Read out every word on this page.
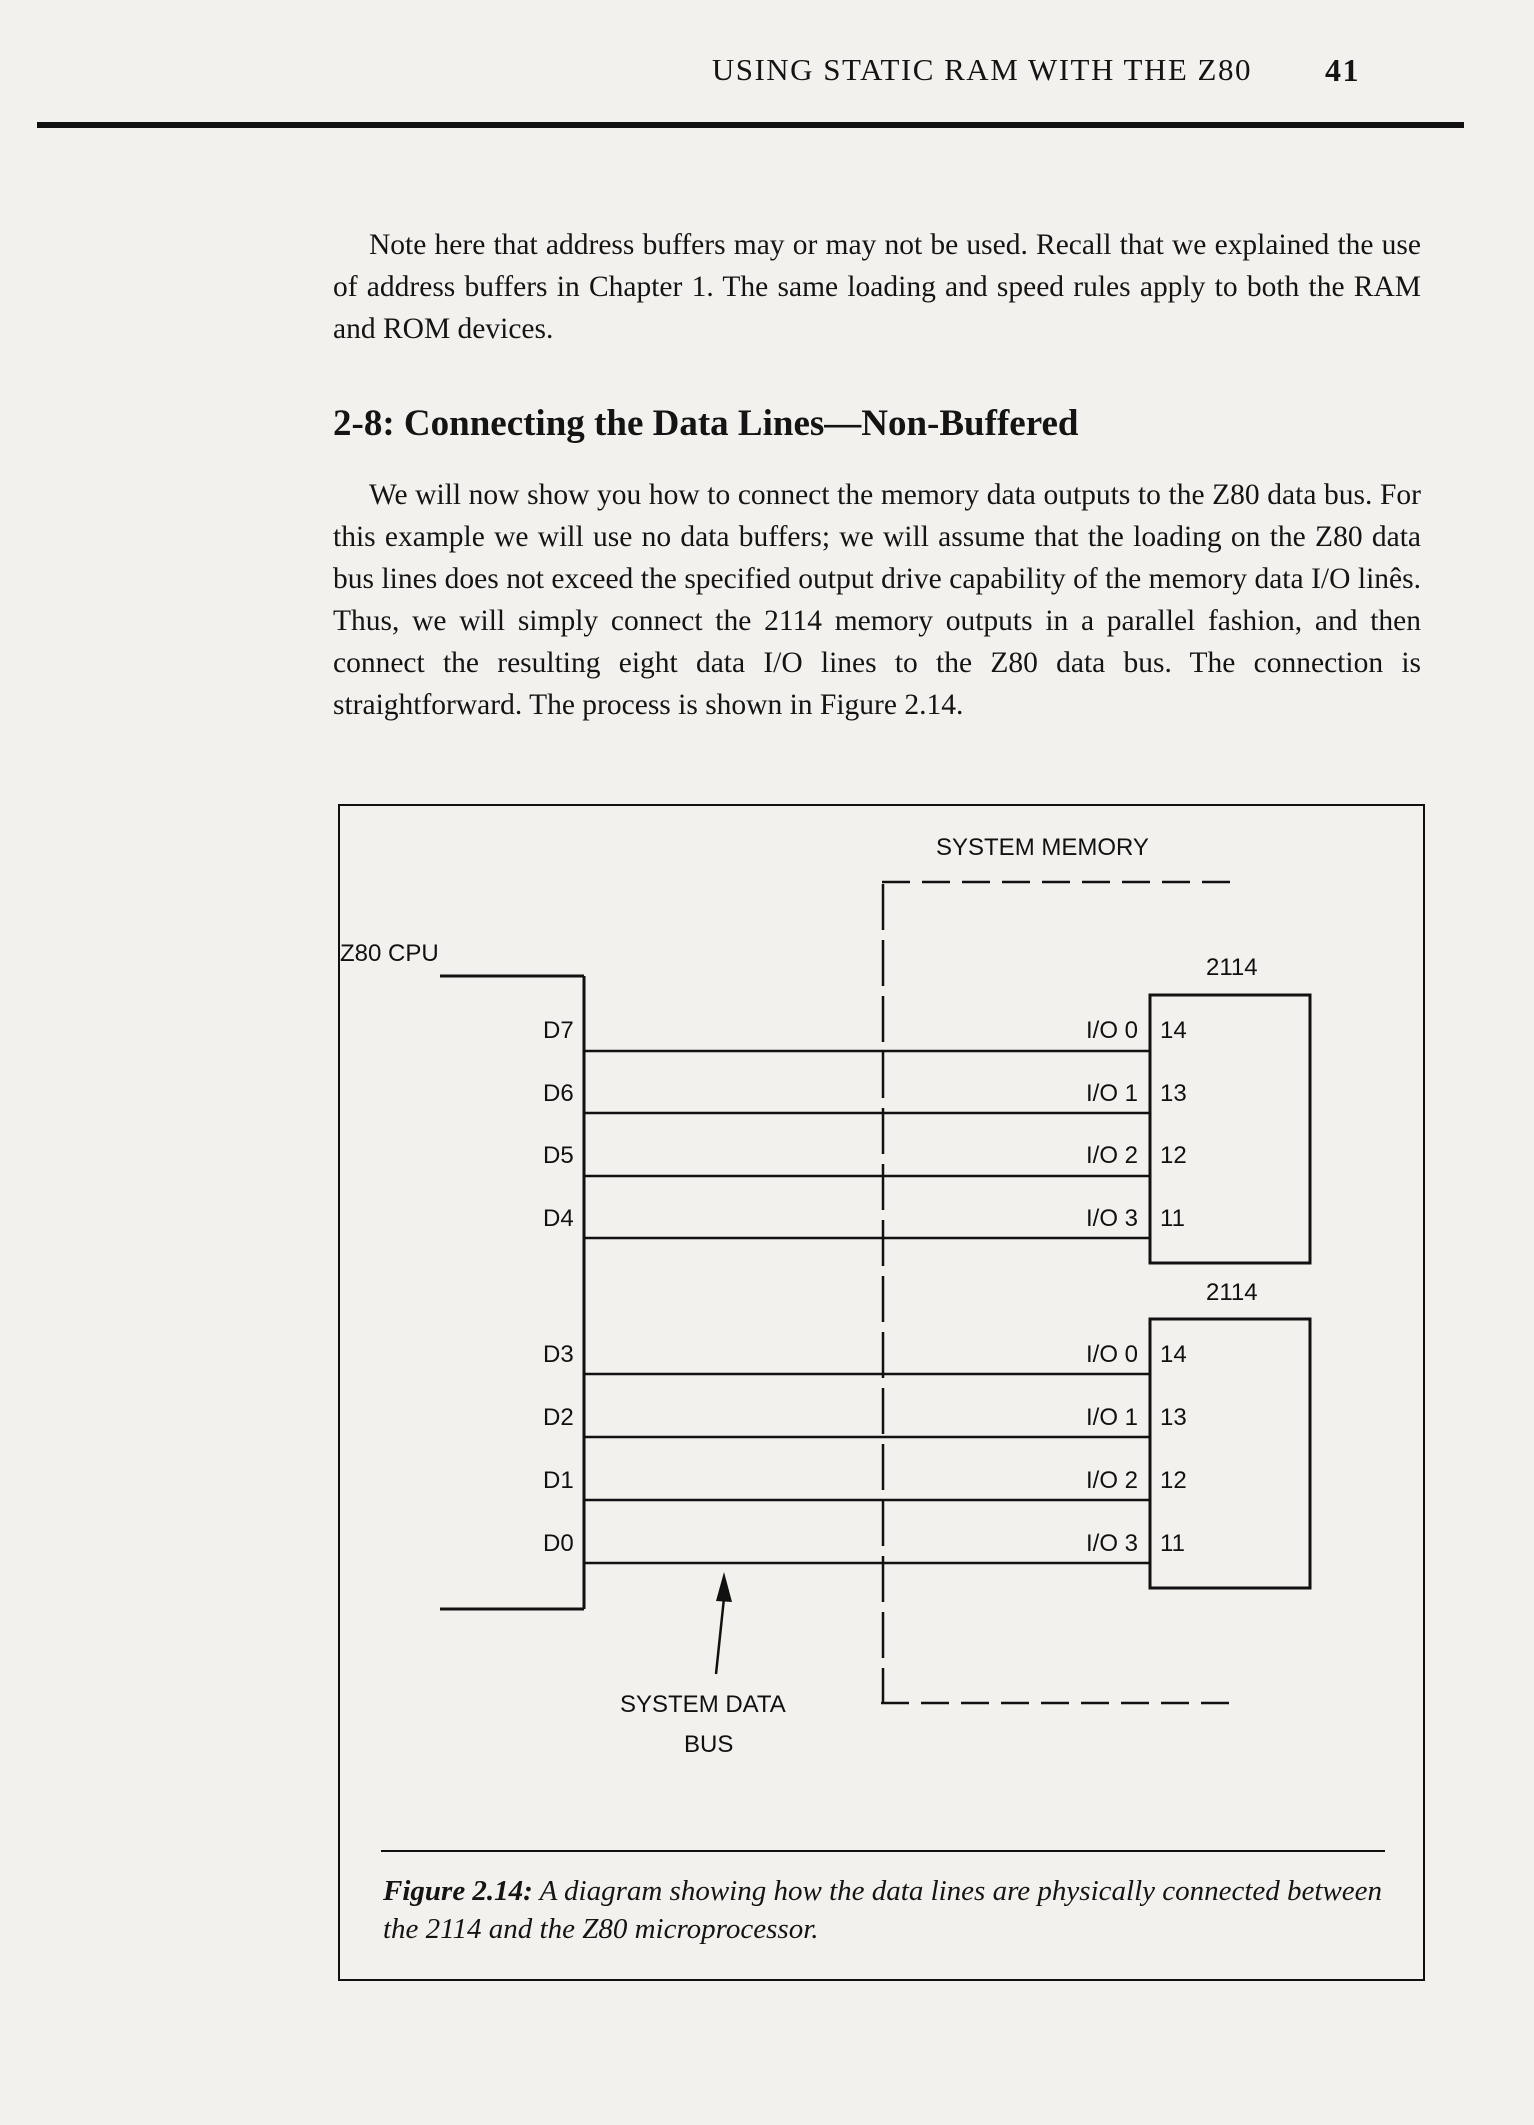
USING STATIC RAM WITH THE Z80 41

Note here that address buffers may or may not be used. Recall that we explained the use of address buffers in Chapter 1. The same loading and speed rules apply to both the RAM and ROM devices.

2-8: Connecting the Data Lines—Non-Buffered

We will now show you how to connect the memory data outputs to the Z80 data bus. For this example we will use no data buffers; we will assume that the loading on the Z80 data bus lines does not exceed the specified output drive capability of the memory data I/O linês. Thus, we will simply connect the 2114 memory outputs in a parallel fashion, and then connect the resulting eight data I/O lines to the Z80 data bus. The connection is straightforward. The process is shown in Figure 2.14.

SYSTEM MEMORY
Z80 CPU
D7
D6
D5
D4
D3
D2
D1
D0
2114
I/O 0 14
I/O 1 13
I/O 2 12
I/O 3 11
2114
I/O 0 14
I/O 1 13
I/O 2 12
I/O 3 11
SYSTEM DATA
BUS

Figure 2.14: A diagram showing how the data lines are physically connected between the 2114 and the Z80 microprocessor.
